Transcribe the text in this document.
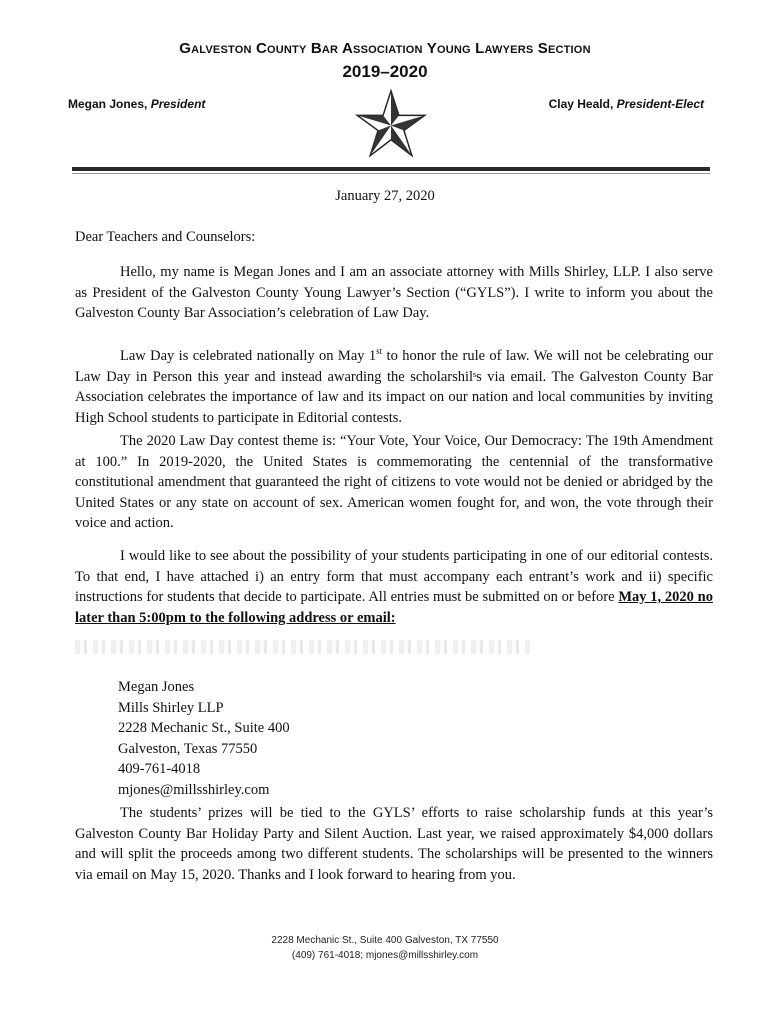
Galveston County Bar Association Young Lawyers Section
2019–2020
Megan Jones, President	Clay Heald, President-Elect
January 27, 2020
Dear Teachers and Counselors:

Hello, my name is Megan Jones and I am an associate attorney with Mills Shirley, LLP. I also serve as President of the Galveston County Young Lawyer’s Section (“GYLS”). I write to inform you about the Galveston County Bar Association’s celebration of Law Day.

Law Day is celebrated nationally on May 1st to honor the rule of law. We will not be celebrating our Law Day in Person this year and instead awarding the scholarshilˢs via email. The Galveston County Bar Association celebrates the importance of law and its impact on our nation and local communities by inviting High School students to participate in Editorial contests.

The 2020 Law Day contest theme is: “Your Vote, Your Voice, Our Democracy: The 19th Amendment at 100.” In 2019-2020, the United States is commemorating the centennial of the transformative constitutional amendment that guaranteed the right of citizens to vote would not be denied or abridged by the United States or any state on account of sex. American women fought for, and won, the vote through their voice and action.

I would like to see about the possibility of your students participating in one of our editorial contests. To that end, I have attached i) an entry form that must accompany each entrant’s work and ii) specific instructions for students that decide to participate. All entries must be submitted on or before May 1, 2020 no later than 5:00pm to the following address or email:

Megan Jones
Mills Shirley LLP
2228 Mechanic St., Suite 400
Galveston, Texas 77550
409-761-4018
mjones@millsshirley.com

The students’ prizes will be tied to the GYLS’ efforts to raise scholarship funds at this year’s Galveston County Bar Holiday Party and Silent Auction. Last year, we raised approximately $4,000 dollars and will split the proceeds among two different students. The scholarships will be presented to the winners via email on May 15, 2020. Thanks and I look forward to hearing from you.

2228 Mechanic St., Suite 400 Galveston, TX 77550
(409) 761-4018; mjones@millsshirley.com
